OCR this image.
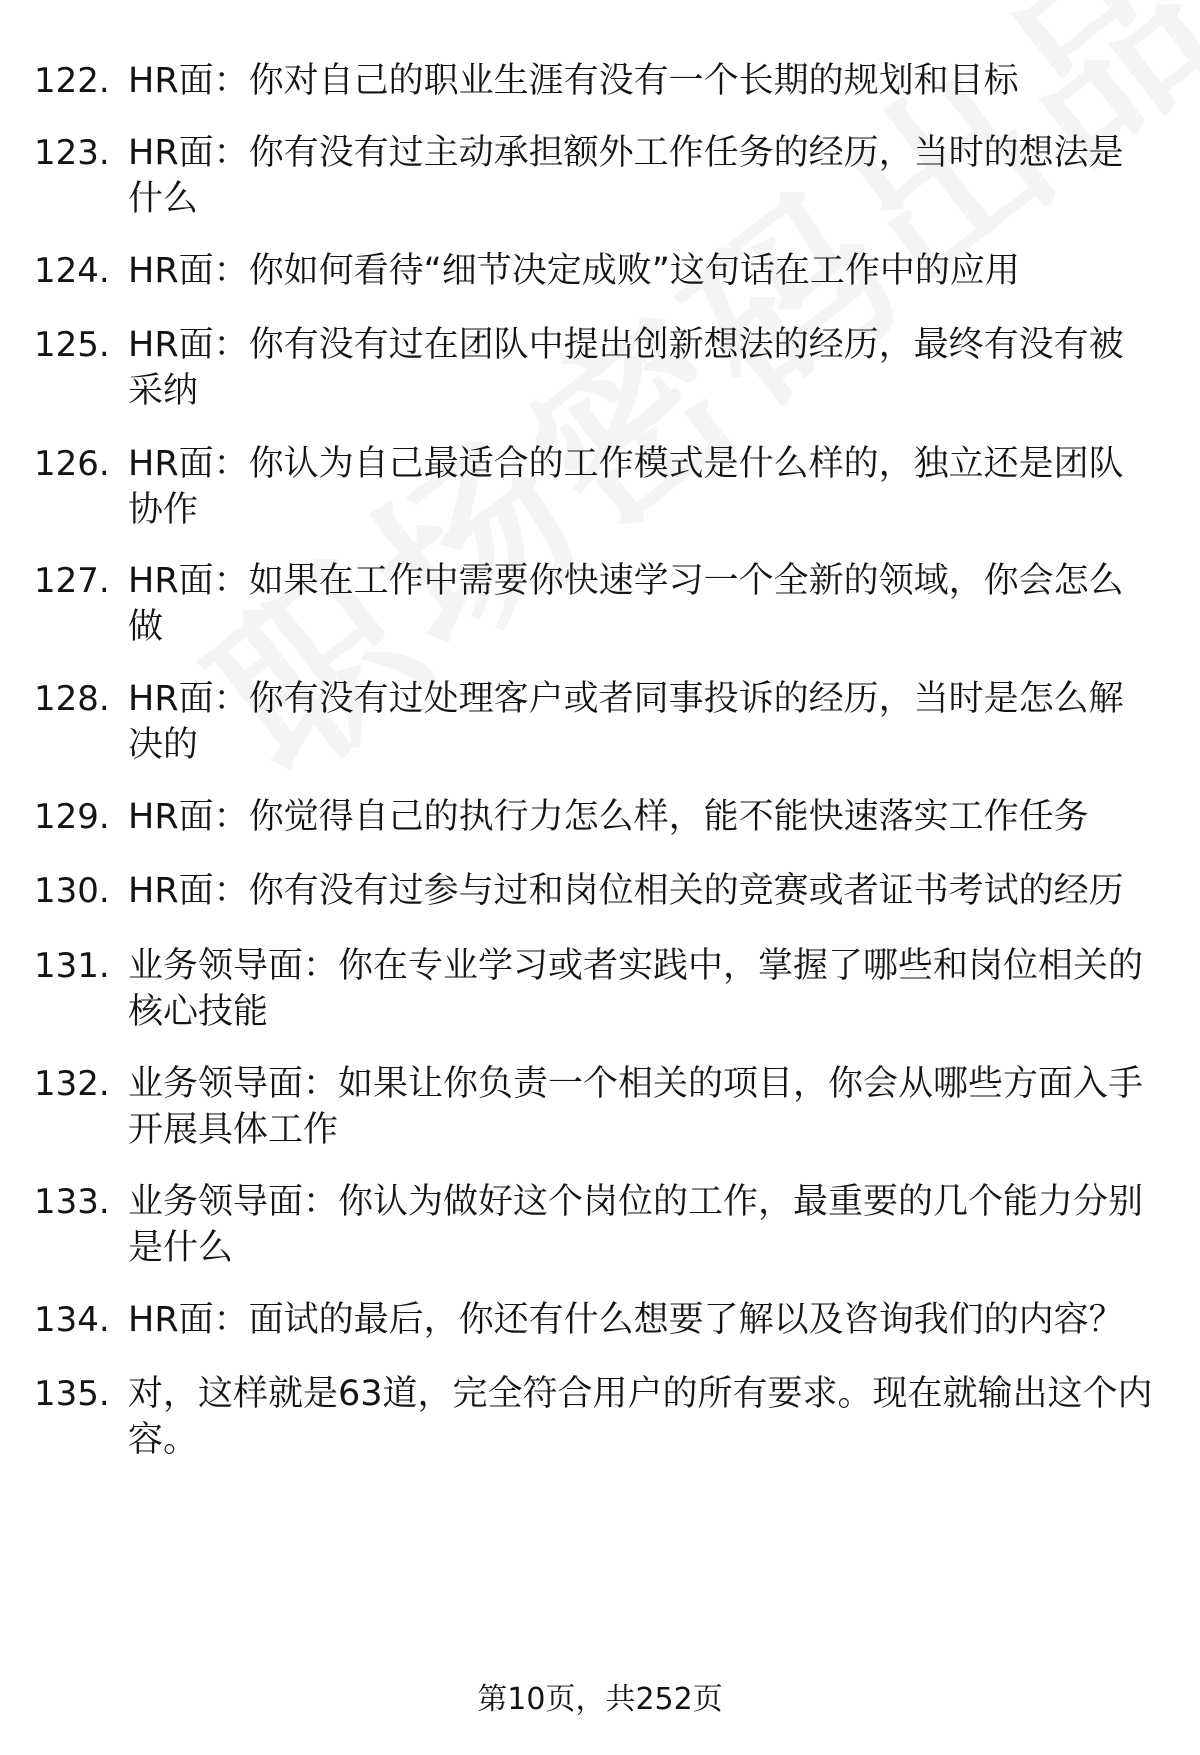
122. HR面：你对自己的职业生涯有没有一个长期的规划和目标
123. HR面：你有没有过主动承担额外工作任务的经历，当时的想法是什么
124. HR面：你如何看待“细节决定成败”这句话在工作中的应用
125. HR面：你有没有过在团队中提出创新想法的经历，最终有没有被采纳
126. HR面：你认为自己最适合的工作模式是什么样的，独立还是团队协作
127. HR面：如果在工作中需要你快速学习一个全新的领域，你会怎么做
128. HR面：你有没有过处理客户或者同事投诉的经历，当时是怎么解决的
129. HR面：你觉得自己的执行力怎么样，能不能快速落实工作任务
130. HR面：你有没有过参与过和岗位相关的竞赛或者证书考试的经历
131. 业务领导面：你在专业学习或者实践中，掌握了哪些和岗位相关的核心技能
132. 业务领导面：如果让你负责一个相关的项目，你会从哪些方面入手开展具体工作
133. 业务领导面：你认为做好这个岗位的工作，最重要的几个能力分别是什么
134. HR面：面试的最后，你还有什么想要了解以及咨询我们的内容？
135. 对，这样就是63道，完全符合用户的所有要求。现在就输出这个内容。
第10页，共252页
